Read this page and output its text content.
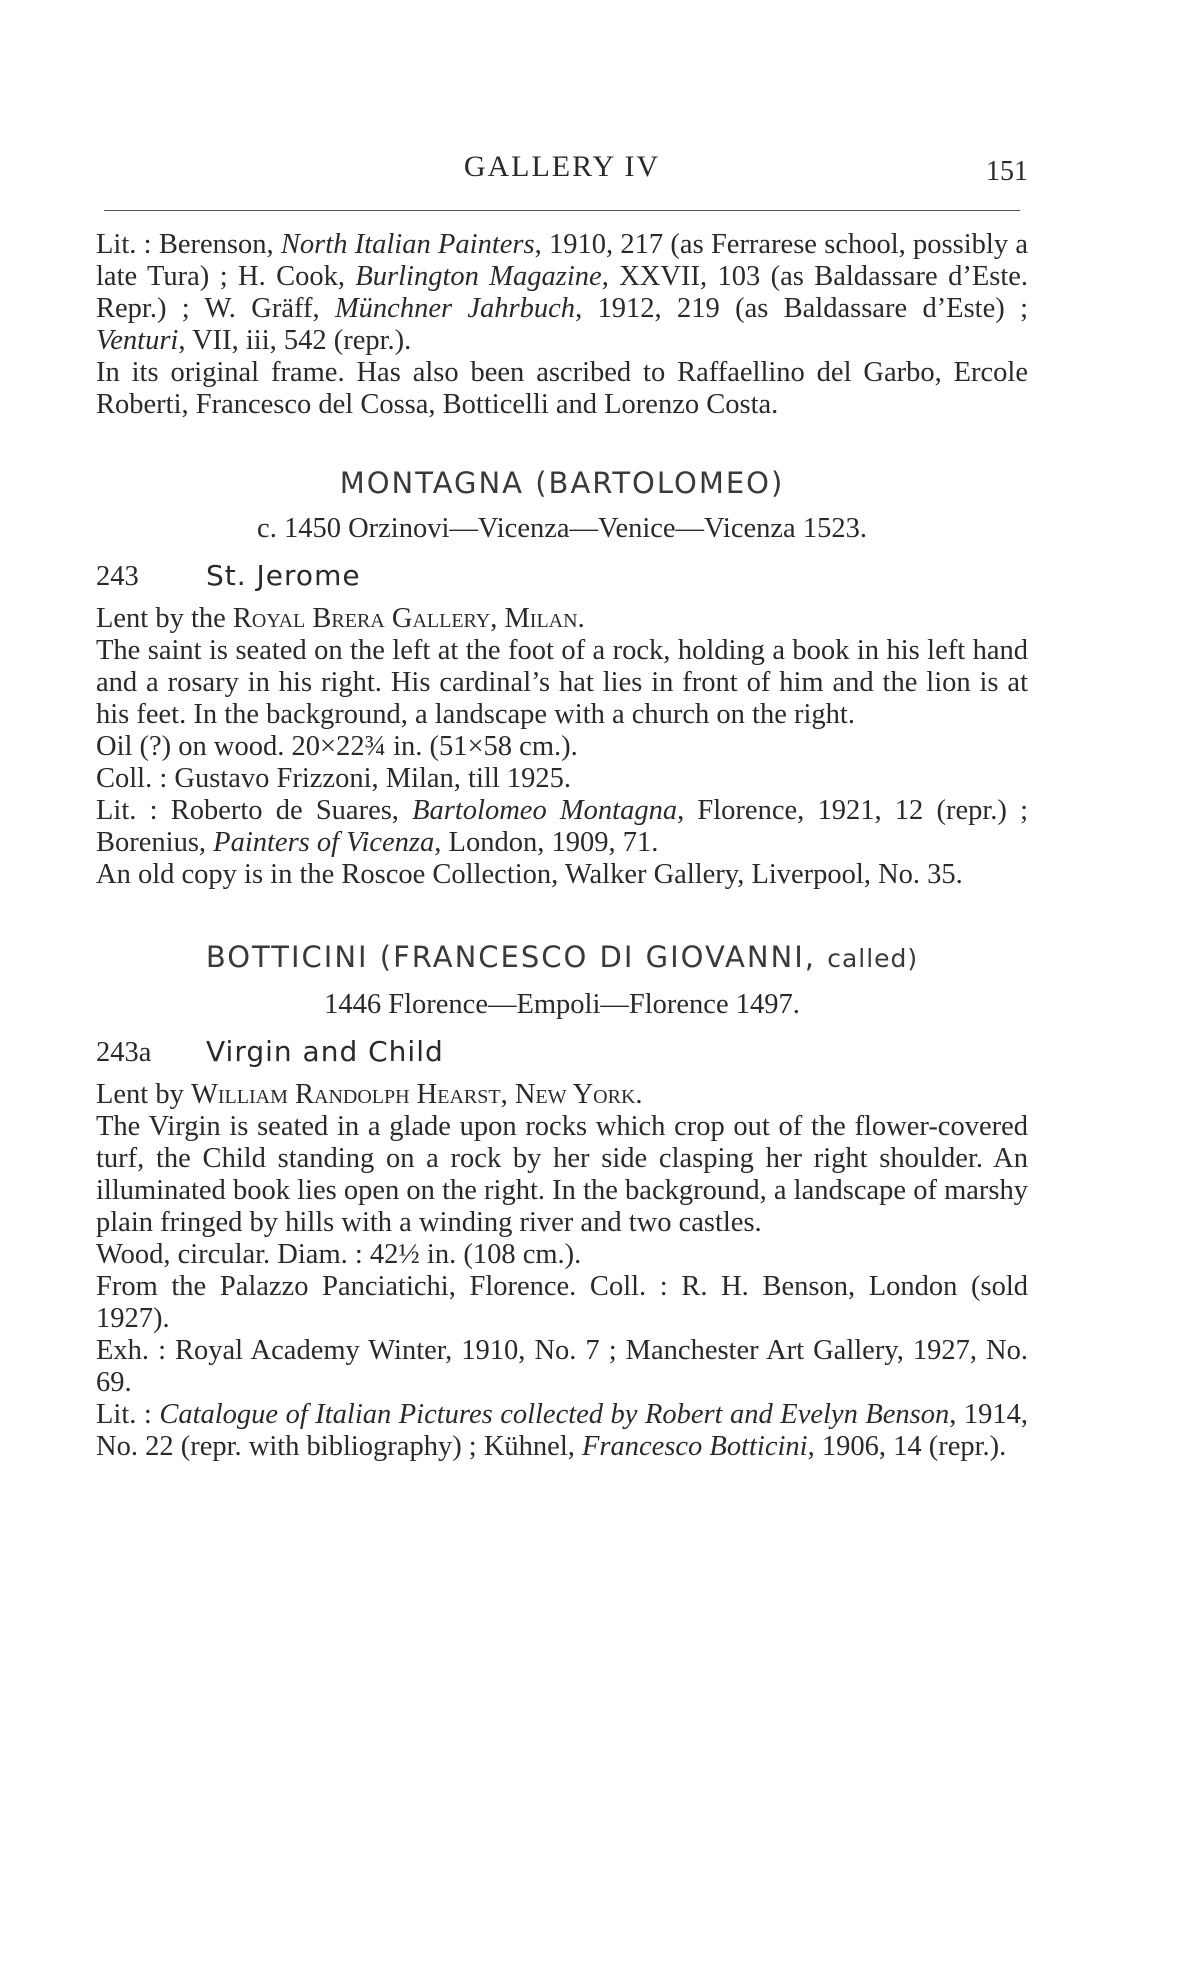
GALLERY IV	151

Lit. : Berenson, North Italian Painters, 1910, 217 (as Ferrarese school, possibly a late Tura) ; H. Cook, Burlington Magazine, XXVII, 103 (as Baldassare d’Este. Repr.) ; W. Gräff, Münchner Jahrbuch, 1912, 219 (as Baldassare d’Este) ; Venturi, VII, iii, 542 (repr.).

In its original frame. Has also been ascribed to Raffaellino del Garbo, Ercole Roberti, Francesco del Cossa, Botticelli and Lorenzo Costa.

MONTAGNA (BARTOLOMEO)

c. 1450 Orzinovi—Vicenza—Venice—Vicenza 1523.

243 St. Jerome

Lent by the Royal Brera Gallery, Milan.

The saint is seated on the left at the foot of a rock, holding a book in his left hand and a rosary in his right. His cardinal’s hat lies in front of him and the lion is at his feet. In the background, a landscape with a church on the right.

Oil (?) on wood. 20×22¾ in. (51×58 cm.).

Coll. : Gustavo Frizzoni, Milan, till 1925.

Lit. : Roberto de Suares, Bartolomeo Montagna, Florence, 1921, 12 (repr.) ; Borenius, Painters of Vicenza, London, 1909, 71.

An old copy is in the Roscoe Collection, Walker Gallery, Liverpool, No. 35.

BOTTICINI (FRANCESCO DI GIOVANNI, called)

1446 Florence—Empoli—Florence 1497.

243a Virgin and Child

Lent by William Randolph Hearst, New York.

The Virgin is seated in a glade upon rocks which crop out of the flower-covered turf, the Child standing on a rock by her side clasping her right shoulder. An illuminated book lies open on the right. In the background, a landscape of marshy plain fringed by hills with a winding river and two castles.

Wood, circular. Diam. : 42½ in. (108 cm.).

From the Palazzo Panciatichi, Florence. Coll. : R. H. Benson, London (sold 1927).

Exh. : Royal Academy Winter, 1910, No. 7 ; Manchester Art Gallery, 1927, No. 69.

Lit. : Catalogue of Italian Pictures collected by Robert and Evelyn Benson, 1914, No. 22 (repr. with bibliography) ; Kühnel, Francesco Botticini, 1906, 14 (repr.).
